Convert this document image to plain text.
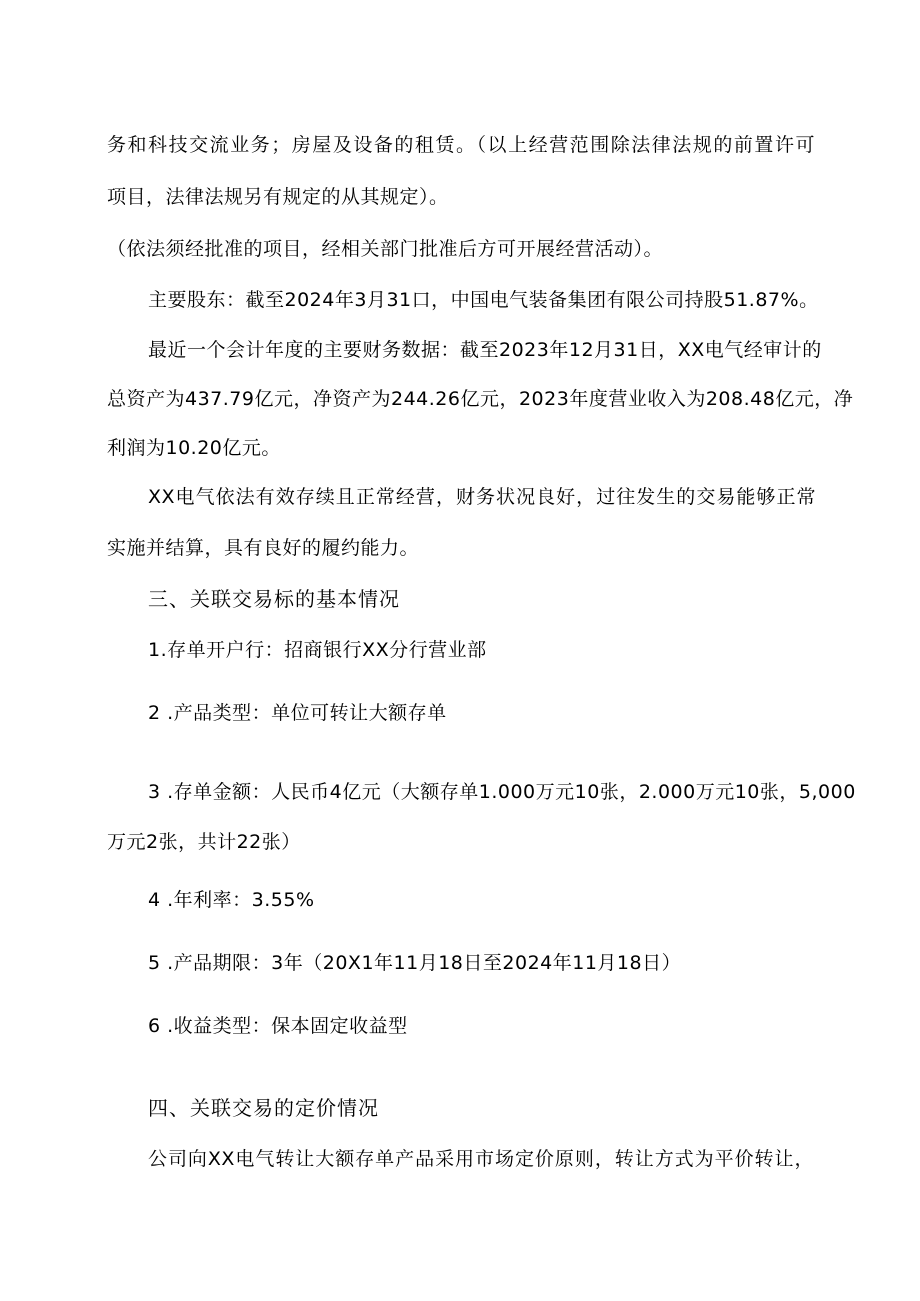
务和科技交流业务；房屋及设备的租赁。（以上经营范围除法律法规的前置许可
项目，法律法规另有规定的从其规定）。
（依法须经批准的项目，经相关部门批准后方可开展经营活动）。
主要股东：截至2024年3月31口，中国电气装备集团有限公司持股51.87%。
最近一个会计年度的主要财务数据：截至2023年12月31日，XX电气经审计的
总资产为437.79亿元，净资产为244.26亿元，2023年度营业收入为208.48亿元，净
利润为10.20亿元。
XX电气依法有效存续且正常经营，财务状况良好，过往发生的交易能够正常
实施并结算，具有良好的履约能力。
三、关联交易标的基本情况
1.存单开户行：招商银行XX分行营业部
2 .产品类型：单位可转让大额存单
3 .存单金额：人民币4亿元（大额存单1.000万元10张，2.000万元10张，5,000
万元2张，共计22张）
4 .年利率：3.55%
5 .产品期限：3年（20X1年11月18日至2024年11月18日）
6 .收益类型：保本固定收益型
四、关联交易的定价情况
公司向XX电气转让大额存单产品采用市场定价原则，转让方式为平价转让，
